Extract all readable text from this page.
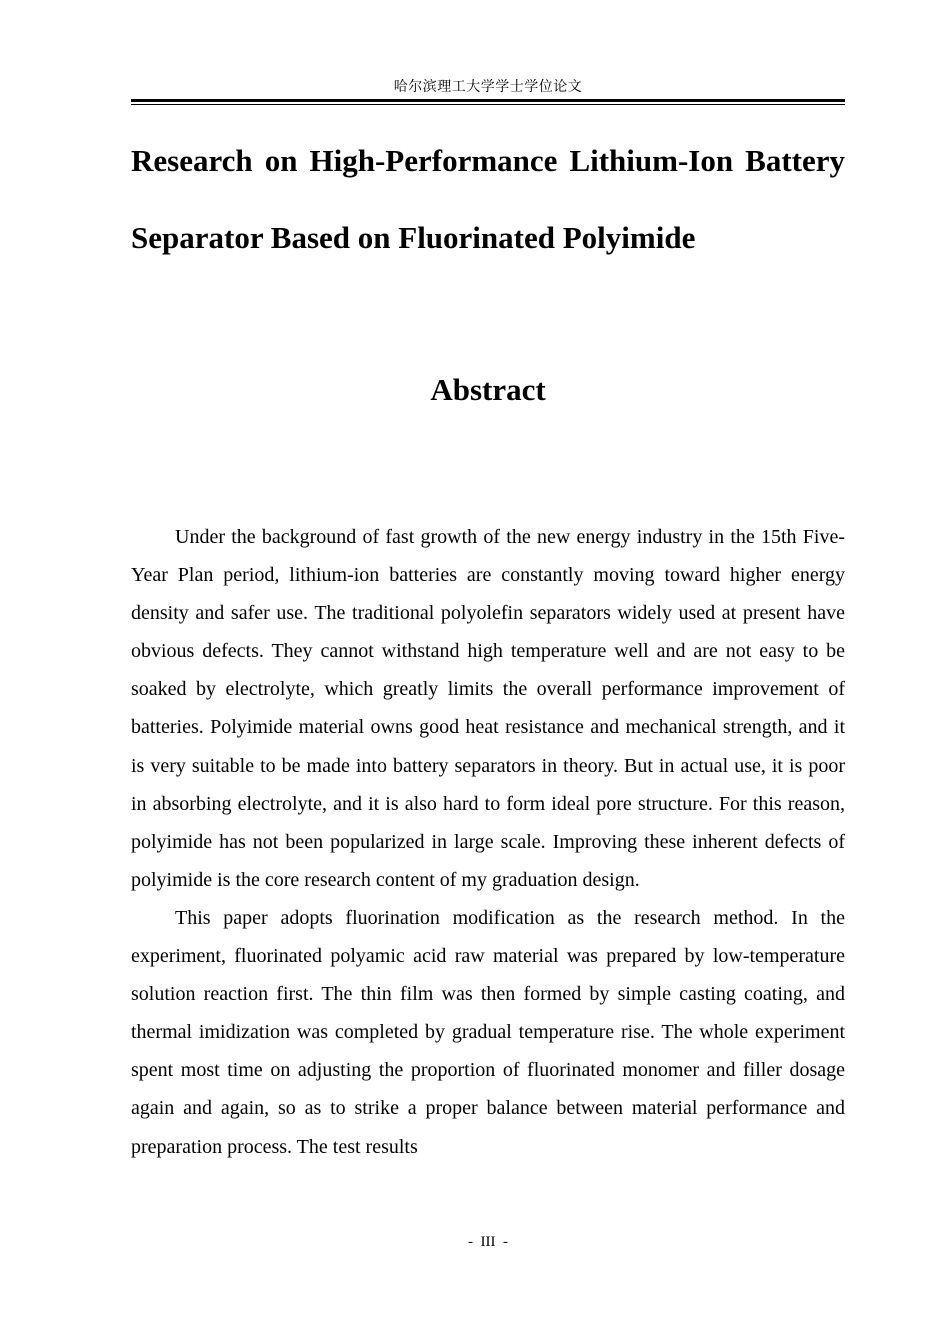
哈尔滨理工大学学士学位论文
Research on High-Performance Lithium-Ion Battery Separator Based on Fluorinated Polyimide
Abstract

Under the background of fast growth of the new energy industry in the 15th Five-Year Plan period, lithium-ion batteries are constantly moving toward higher energy density and safer use. The traditional polyolefin separators widely used at present have obvious defects. They cannot withstand high temperature well and are not easy to be soaked by electrolyte, which greatly limits the overall performance improvement of batteries. Polyimide material owns good heat resistance and mechanical strength, and it is very suitable to be made into battery separators in theory. But in actual use, it is poor in absorbing electrolyte, and it is also hard to form ideal pore structure. For this reason, polyimide has not been popularized in large scale. Improving these inherent defects of polyimide is the core research content of my graduation design.

This paper adopts fluorination modification as the research method. In the experiment, fluorinated polyamic acid raw material was prepared by low-temperature solution reaction first. The thin film was then formed by simple casting coating, and thermal imidization was completed by gradual temperature rise. The whole experiment spent most time on adjusting the proportion of fluorinated monomer and filler dosage again and again, so as to strike a proper balance between material performance and preparation process. The test results

-  III  -
